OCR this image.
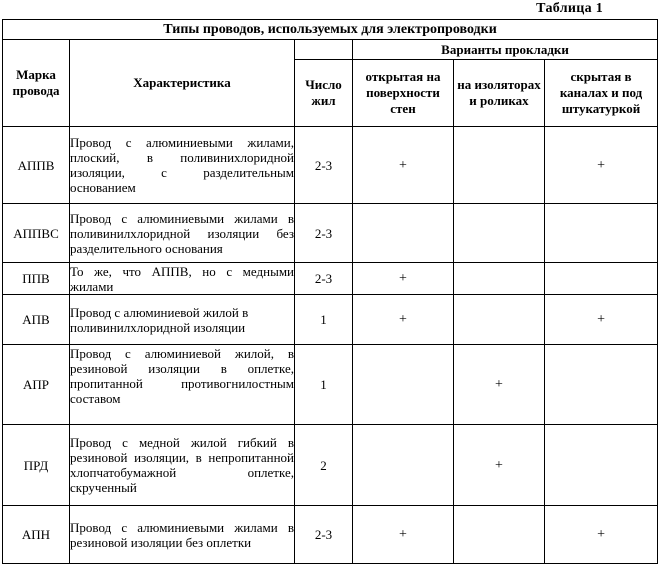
Таблица 1
Типы проводов, используемых для электропроводки					
Марка провода	Характеристика		Варианты прокладки		
		Число жил	открытая на поверхности стен	на изоляторах и роликах	скрытая в каналах и под штукатуркой
АППВ	Провод с алюминиевыми жилами, плоский, в поливинихлоридной изоляции, с разделительным основанием	2-3	+		+
АППВС	Провод с алюминиевыми жилами в поливинилхлоридной изоляции без разделительного основания	2-3			
ППВ	То же, что АППВ, но с медными жилами	2-3	+		
АПВ	Провод с алюминиевой жилой в поливинилхлоридной изоляции	1	+		+
АПР	Провод с алюминиевой жилой, в резиновой изоляции в оплетке, пропитанной противогнилостным составом	1		+	
ПРД	Провод с медной жилой гибкий в резиновой изоляции, в непропитанной хлопчатобумажной оплетке, скрученный	2		+	
АПН	Провод с алюминиевыми жилами в резиновой изоляции без оплетки	2-3	+		+
